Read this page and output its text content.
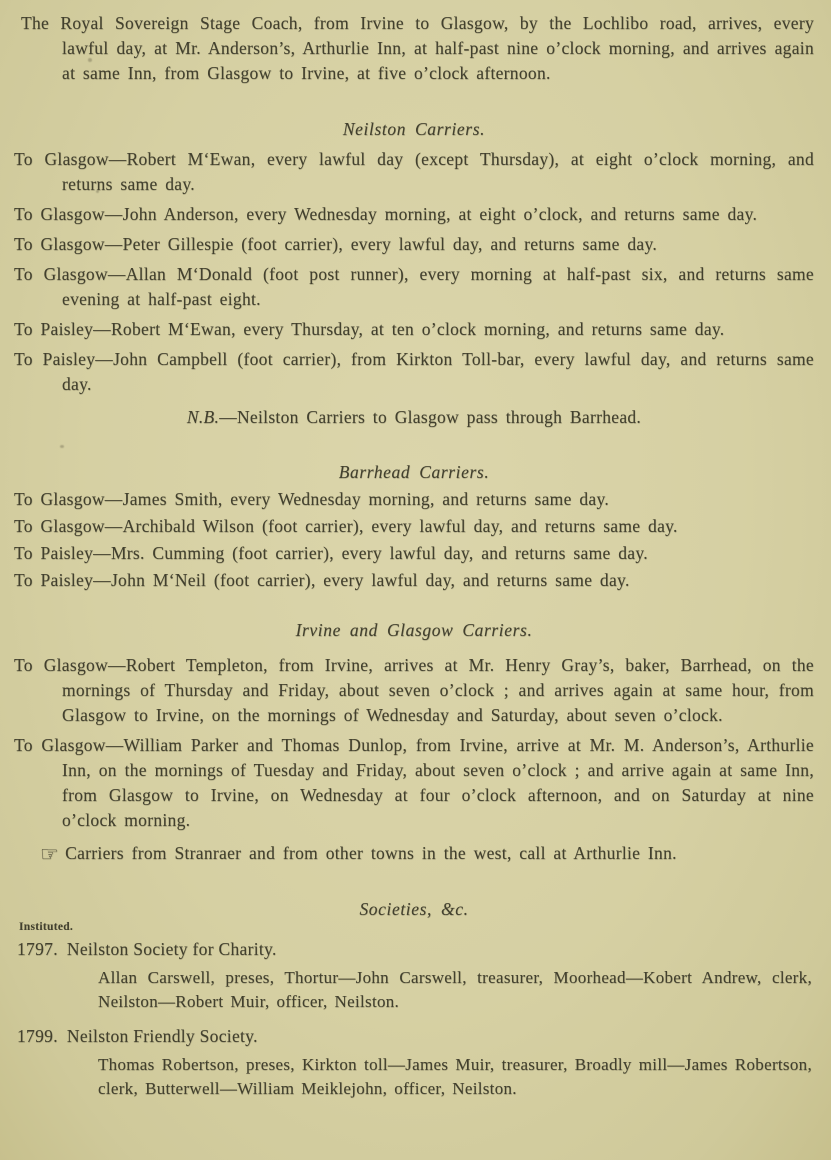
The Royal Sovereign Stage Coach, from Irvine to Glasgow, by the Lochlibo road, arrives, every lawful day, at Mr. Anderson’s, Arthurlie Inn, at half-past nine o’clock morning, and arrives again at same Inn, from Glasgow to Irvine, at five o’clock afternoon.

Neilston Carriers.

To Glasgow—Robert M‘Ewan, every lawful day (except Thursday), at eight o’clock morning, and returns same day.

To Glasgow—John Anderson, every Wednesday morning, at eight o’clock, and returns same day.

To Glasgow—Peter Gillespie (foot carrier), every lawful day, and returns same day.

To Glasgow—Allan M‘Donald (foot post runner), every morning at half-past six, and returns same evening at half-past eight.

To Paisley—Robert M‘Ewan, every Thursday, at ten o’clock morning, and returns same day.

To Paisley—John Campbell (foot carrier), from Kirkton Toll-bar, every lawful day, and returns same day.

N.B.—Neilston Carriers to Glasgow pass through Barrhead.

Barrhead Carriers.

To Glasgow—James Smith, every Wednesday morning, and returns same day.

To Glasgow—Archibald Wilson (foot carrier), every lawful day, and returns same day.

To Paisley—Mrs. Cumming (foot carrier), every lawful day, and returns same day.

To Paisley—John M‘Neil (foot carrier), every lawful day, and returns same day.

Irvine and Glasgow Carriers.

To Glasgow—Robert Templeton, from Irvine, arrives at Mr. Henry Gray’s, baker, Barrhead, on the mornings of Thursday and Friday, about seven o’clock ; and arrives again at same hour, from Glasgow to Irvine, on the mornings of Wednesday and Saturday, about seven o’clock.

To Glasgow—William Parker and Thomas Dunlop, from Irvine, arrive at Mr. M. Anderson’s, Arthurlie Inn, on the mornings of Tuesday and Friday, about seven o’clock ; and arrive again at same Inn, from Glasgow to Irvine, on Wednesday at four o’clock afternoon, and on Saturday at nine o’clock morning.

☞ Carriers from Stranraer and from other towns in the west, call at Arthurlie Inn.

Societies, &c.
Instituted.

1797. Neilston Society for Charity.

Allan Carswell, preses, Thortur—John Carswell, treasurer, Moorhead—Kobert Andrew, clerk, Neilston—Robert Muir, officer, Neilston.

1799. Neilston Friendly Society.

Thomas Robertson, preses, Kirkton toll—James Muir, treasurer, Broadly mill—James Robertson, clerk, Butterwell—William Meiklejohn, officer, Neilston.
